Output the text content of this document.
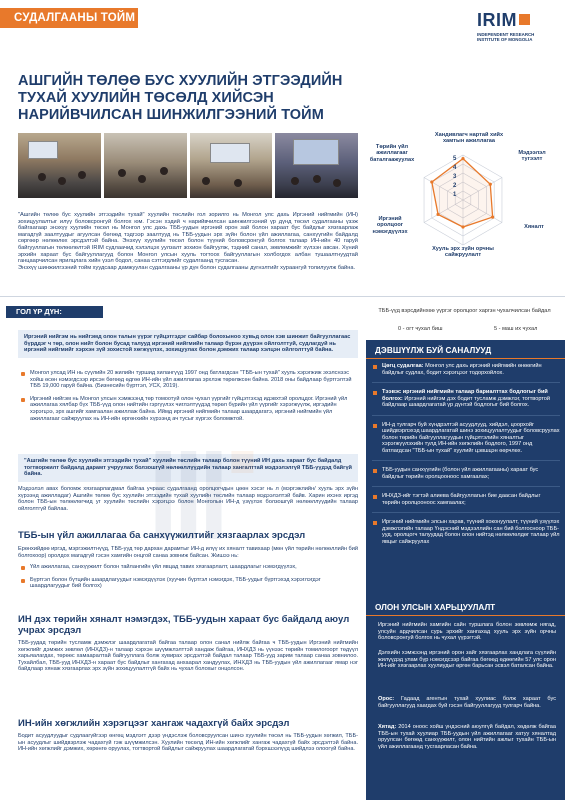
СУДАЛГААНЫ ТОЙМ	IRIM
INDEPENDENT RESEARCH INSTITUTE OF MONGOLIA
АШГИЙН ТӨЛӨӨ БУС ХУУЛИЙН ЭТГЭЭДИЙН ТУХАЙ ХУУЛИЙН ТӨСӨЛД ХИЙСЭН НАРИЙВЧИЛСАН ШИНЖИЛГЭЭНИЙ ТОЙМ
Хандивлагч нартай хийх хамтын ажиллагаа
Мэдээлэл тугээлт
Хяналт
Хууль эрх зүйн орчны сайжруулалт
Иргэний оролцоог нэмэгдүүлэх
Төрийн үйл ажиллагааг баталгаажуулах	5
4
3
2
1
ТББ-үүд вэрсдийнхөө үүргэг оролцоог харгзн чухалчилсан байдал
0 - огт чухал биш	5 - маш их чухал

"Ашгийн төлөө бус хуулийн этгээдийн тухай" хуулийн төслийн гол зорилго нь Монгол улс дахь Иргэний нийгмийн (ИН) зохицуулалтыг илүү боловсронгуй болгох юм. Гэсэн хэдий ч нарийвчилсан шинжилгээний үр дүнд төсөл судалгааны үзэж байгаагаар энэхүү хуулийн төсөл нь Монгол улс дахь ТББ-уудын иргэний орон зай болон хараат бус байдлыг хязгаарлаж магадгүй заалтуудыг агуулсан бөгөөд тэдгээр заалтууд нь ТББ-уудын эрх зүйн болон үйл ажиллагаа, санхүүгийн байдалд сөргөөр нөлөөлөх эрсдэлтэй байна. Энэхүү хуулийн төсөл болон түүний боловсронгуй болгох талаар ИН-ийн 40 гаруй байгууллагын төлөөлөлтэй IRIM судлаачид хэлэлцэх уулзалт зохион байгуулж, тэдний санал, зөвлөмжийг хүлээн авсан. Хүний эрхийн хараат бус байгууллагууд болон Монгол улсын хууль тогтоох байгууллагын холбогдох албан тушаалтнуудтай ганцаарчилсан ярилцлага хийн үзэл бодол, санаа сэтгэгдлийг судалгаанд тусгасан.

Энэхүү шинжилгээний тойм хуудсаар дамжуулан судалгааны үр дүн болон судалгааны дүгнэлтийг хураангуй толилуулж байна.

ГОЛ ҮР ДҮН:
Иргэний нийгэм нь нийгэмд олон талын үүрэг гүйцэтгэдэг сайбар болохыноо хувьд олон хэв шинжит байгууллагаас бүрддэг ч төр, олон нийт болон бусад талууд иргэний нийгмийн талаар бүрэн дүүрэн ойлголттуй, судлагдуй нь иргэний нийгмийг хэрхэн зүй зохистой хөгжүүлэх, зохицуулах болон дэмжих талаар хэлцэн ойлголттуй байна.
Монгол улсад ИН нь сүүлийн 20 жилийн туршид хилангүүд 1997 онд батлагдсан "ТББ-ын тухай" хууль хэрэгжиж эхэлснээс хойш өсөн нэмэгдсээр ирсэн бөгөөд өдгөө ИН-ийн үйл ажиллагаа эрхлэж төрөлжсөн байна. 2018 оны байдлаар бүртгэлтэй ТББ 19,000 гаруй байна. (Бизнесийн бүртгэл, УСХ, 2019).
Иргэний нийгэм нь Монгол улсын хэмжээнд төр томоотуй олон чухал үүргийг гүйцэтгэхэд идэвхтэй оролцдог. Иргэний үйл ажиллагаа хялбар бүх ТББ-үүд олон нийтийн гэргүүлэх чиглэлтүүдэд төрөл бүрийн үйл үүргийг хэрэгжүүлж, иргэдийн хэрэгцээ, эрх ашгийг хамгаалан ажиллаж байна. Иймд иргэний нийгмийн талаар шаардагатэ, иргэний нийгмийн үйл ажиллагааг сайжруулах нь ИН-ийн өргөнхийн хүрээнд ач тусыг хүргэх боломжтой.
"Ашгийн төлөө бус хуулийн этгээдийн тухай" хуулийн төслийн талаар болон түүний ИН дахь хараат бус байдалд тогтворжилт байдалд дарамт учруулах болзошгүй нөлөөллүүдийн талаар хангалттай мэдээлэлгүй ТББ-үүдэд байгүй байна.
Мэдээлэл авах боломж хязгаарлагдмал байгаа учраас судалгаанд оролцогчдын цөөн хэсэг нь л (мэргэжлийн/ хууль эрх зүйн хүрээнд ажилладаг) Ашгийн төлөө бус хуулийн этгээдийн тухай хуулийн төслийн талаар мэдээлэлтэй байв. Харин ихэнх иргэд болон ТББ-ын төлөөлөгчид уг хуулийн төслийн хэрэгцээ болон Монголын ИН-д үзүүлэх болзошгүй нөлөөллүүдийн талаар ойлголтгүй байлаа.
ТББ-ын үйл ажиллагаа ба санхүүжилтийг хязгаарлах эрсдэл
Ерөнхийдөө иргэд, мэргэжилтнүүд, ТББ-ууд төр дархан дарамтыг ИН-д илүү их хяналт тавихаар (мөн үйл төрийн нөлөөллийн бий болгохоор) оролдох магадгүй гэсэн хамгийн онцгой санаа зовниж байсан. Жишээ нь:
Үйл ажиллагаа, санхүүжилт болон тайлангийн үйл явцад тавих хязгаарлалт, шаардлагыг нэмэгдүүлэх,
Бүртгэл болон бүтцийн шаардлагуудыг нэмэгдүүлэх (хуучин бүртгэл нэмэгдэх, ТББ-уудыг бүртгэхэд хэрэглэгдэг шаардлагуудыг бий болгох)
ИН дэх төрийн хяналт нэмэгдэх, ТББ-уудын хараат бус байдалд аюул учрах эрсдэл
ТББ-уудад төрийн тусламж дэмжлэг шаардлагатай байгаа талаар олон санал нийлж байгаа ч ТББ-уудын Иргэний нийгмийн хөгжлийг дэмжих зөвлөл (ИНХДЗ)-н талаар хэрхэн шүүмжлэлттэй хандаж байгаа, ИНХДЗ нь үүнээс төрийн томилогоорт төдүүл харьяалагдах, төрөөс хамааралтай байгууллага болж хувирах эрсдэлтэй байдал талаар ТББ-ууд зарим талаар санаа зовнилоо. Тухайлбал, ТББ-ууд ИНХДЗ-н хараат бус байдлыг хангахад анхаарал хандуулах, ИНХДЗ нь ТББ-уудын үйл ажиллагааг ямар нэг байдлаар хянаж хязгаарлах эрх зүйн зохицуулалтгүй байх нь чухал болохыг онцолсон.
ИН-ийн хөгжлийн хэрэгцээг хангаж чадахгүй байх эрсдэл
Бодит асуудлуудыг судлаагүйгээр өнгөц мэдлэгт дээр үндэслэж боловсруулсан шинэ хуулийн төсөл нь ТББ-уудын хөгжил, ТББ-ын асуудлыг шийдвэрлэж чадахгүй гэж шүүмжилсэн. Хуулийн төсөлд ИН-ийн хөгжлийг хангаж чадахгүй байх эрсдэлтэй байна. ИН-ийн хөгжлийг дэмжих, хөрөнгө оруулах, тогтвортой байдлыг сайжруулах шаардлагатай бэрхшээлүүд шийдлээ олоогүй байна.
ДЭВШҮҮЛЖ БУЙ САНАЛУУД
Цөгц судалгаа: Монгол улс дахь иргэний нийгмийн өнөөгийн байдлыг судлах, бодит хэрэгцээг тодорхойлох.
Тээвэс иргэний нийгмийн талаар бариалттах бодлогыг бий болгох: Иргэний нийгэм дэх бодит тусламж дэмжлэг, тогтвортой байдлаар шаардлагатай үр дүнтэй бодлогыг бий болгох.
ИН-д тулгарч буй хүндрэлтэй асуудлууд, хийдэл, цоорхойг шийдвэрлэхэд шаардлагатай шинэ зохицуулалтуудыг боловсруулах болон төрийн байгууллагуудын гүйцэтгэлийн хяналтыг хэрэгжүүлэхийн тулд ИН-ийн хөгжлийн бодлого, 1997 онд батлагдсан "ТББ-ын тухай" хуулийг цэвшцэн өөрчлөх.
ТББ-уудын санхүүгийн (болон үйл ажиллагааны) хараат бус байдлыг төрийн оролцооноос хамгаалах;
ИНХДЗ-ийг тэгтэй алиева байгууллагын бие даасан байдлыг төрийн оролцооноос хамгаалах;
Иргэний нийгмийн элсын харав, түүний хоконуулалт, түүний үзүүлэх дэмжлэгийн талаар Үндэсний мэдээллийн сан бий болгосноор ТББ-ууд, оролцогч талуудад болон олон нийтэд нөлөөлөлдөг талаар үйл явцыг сайжруулах
ОЛОН УЛСЫН ХАРЬЦУУЛАЛТ
Иргэний нийгмийн хамгийн сайн туршлага болон зөвлөмж нягад, улсуйн ардчилсан сурь эрхийг хангахад хууль эрх зүйн орчны боловсронгуй болгох нь чухал үүрэгтэй.
Дэлхийн хэмжээнд иргэний орон зайг хязгаарлах хандлага сүүлийн жилүүдэд улам бүр нэмэгдсээр байгаа бөгөөд өдөөгийн 57 улс орон ИН-ийг хязгаарлах хуулиудыг өргөн барьсан эсвэл баталсан байна.
Орос: Гадаад агентын тухай хуулиас болж хараат бус байгууллагууд хаагдах буй гэсэн байгууллагууд тулгарч байна.
Хятад: 2014 оноос хойш үндэсний аюулгүй байдал, хөдөлж байгаа ТББ-ын тухай хуулиар ТББ-уудын үйл ажиллагааг хатуу хяналтад оруулсан бөгөөд санхүүжилт, олон нийтийн ажлыг тухайн ТББ-ын үйл ажиллагаанд тусгаарласан байна.
